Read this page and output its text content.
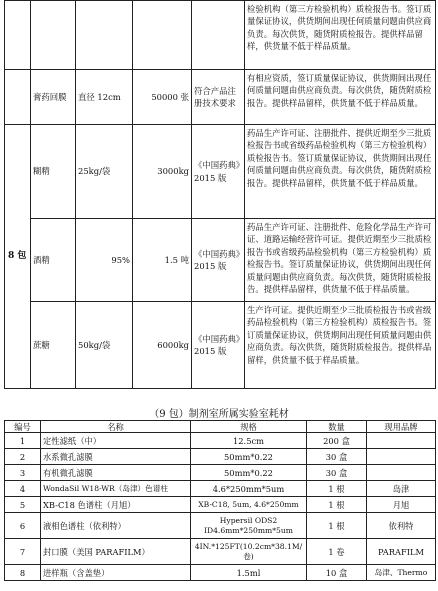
					检验机构（第三方检验机构）质检报告书。签订质量保证协议，供货期间出现任何质量问题由供应商负责。每次供货，随货附质检报告。提供样品留样，供货量不低于样品质量。
	膏药回膜	直径 12cm	50000 张	符合产品注册技术要求	有相应资质，签订质量保证协议，供货期间出现任何质量问题由供应商负责。每次供货，随货附质检报告。提供样品留样，供货量不低于样品质量。
8 包	糊精	25kg/袋	3000kg	《中国药典》2015 版	药品生产许可证、注册批件、提供近期至少三批质检报告书或省级药品检验机构（第三方检验机构）质检报告书。签订质量保证协议，供货期间出现任何质量问题由供应商负责。每次供货，随货附质检报告。提供样品留样，供货量不低于样品质量。
	酒精	95%	1.5 吨	《中国药典》2015 版	药品生产许可证、注册批件、危险化学品生产许可证、道路运输经营许可证。提供近期至少三批质检报告书或省级药品检验机构（第三方检验机构）质检报告书。签订质量保证协议，供货期间出现任何质量问题由供应商负责。每次供货，随货附质检报告。提供样品留样，供货量不低于样品质量。
	蔗糖	50kg/袋	6000kg	《中国药典》2015 版	生产许可证。提供近期至少三批质检报告书或省级药品检验机构（第三方检验机构）质检报告书。签订质量保证协议，供货期间出现任何质量问题由供应商负责。每次供货，随货附质检报告。提供样品留样，供货量不低于样品质量。
（9 包）制剂室所属实验室耗材
编号	名称	规格	数量	现用品牌
1	定性滤纸（中）	12.5cm	200 盒	
2	水系微孔滤膜	50mm*0.22	30 盒	
3	有机微孔滤膜	50mm*0.22	30 盒	
4	WondaSil W18-WR（岛津）色谱柱	4.6*250mm*5um	1 根	岛津
5	XB-C18 色谱柱（月旭）	XB-C18, 5um, 4.6*250mm	1 根	月旭
6	液相色谱柱（依利特）	Hypersil ODS2
ID4.6mm*250mm*5um	1 根	依利特
7	封口膜（美国 PARAFILM）	4IN.*125FT(10.2cm*38.1M/
卷)	1 卷	PARAFILM
8	进样瓶（含盖垫）	1.5ml	10 盒	岛津、Thermo
